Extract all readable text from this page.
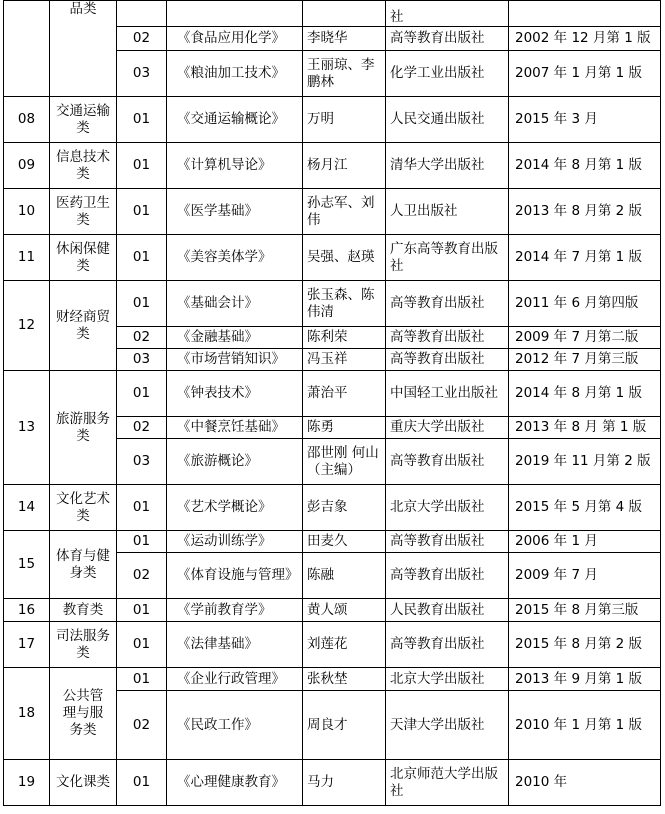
	品类				社	
		02	《食品应用化学》	李晓华	高等教育出版社	2002 年 12 月第 1 版
		03	《粮油加工技术》	王丽琼、李鹏林	化学工业出版社	2007 年 1 月第 1 版
08	交通运输类	01	《交通运输概论》	万明	人民交通出版社	2015 年 3 月
09	信息技术类	01	《计算机导论》	杨月江	清华大学出版社	2014 年 8 月第 1 版
10	医药卫生类	01	《医学基础》	孙志军、刘伟	人卫出版社	2013 年 8 月第 2 版
11	休闲保健类	01	《美容美体学》	吴强、赵瑛	广东高等教育出版社	2014 年 7 月第 1 版
12	财经商贸类	01	《基础会计》	张玉森、陈伟清	高等教育出版社	2011 年 6 月第四版
		02	《金融基础》	陈利荣	高等教育出版社	2009 年 7 月第二版
		03	《市场营销知识》	冯玉祥	高等教育出版社	2012 年 7 月第三版
13	旅游服务类	01	《钟表技术》	萧治平	中国轻工业出版社	2014 年 8 月第 1 版
		02	《中餐烹饪基础》	陈勇	重庆大学出版社	2013 年 8 月 第 1 版
		03	《旅游概论》	邵世刚 何山（主编）	高等教育出版社	2019 年 11 月第 2 版
14	文化艺术类	01	《艺术学概论》	彭吉象	北京大学出版社	2015 年 5 月第 4 版
15	体育与健身类	01	《运动训练学》	田麦久	高等教育出版社	2006 年 1 月
		02	《体育设施与管理》	陈融	高等教育出版社	2009 年 7 月
16	教育类	01	《学前教育学》	黄人颂	人民教育出版社	2015 年 8 月第三版
17	司法服务类	01	《法律基础》	刘莲花	高等教育出版社	2015 年 8 月第 2 版
18	公共管理与服务类	01	《企业行政管理》	张秋埜	北京大学出版社	2013 年 9 月第 1 版
		02	《民政工作》	周良才	天津大学出版社	2010 年 1 月第 1 版
19	文化课类	01	《心理健康教育》	马力	北京师范大学出版社	2010 年
